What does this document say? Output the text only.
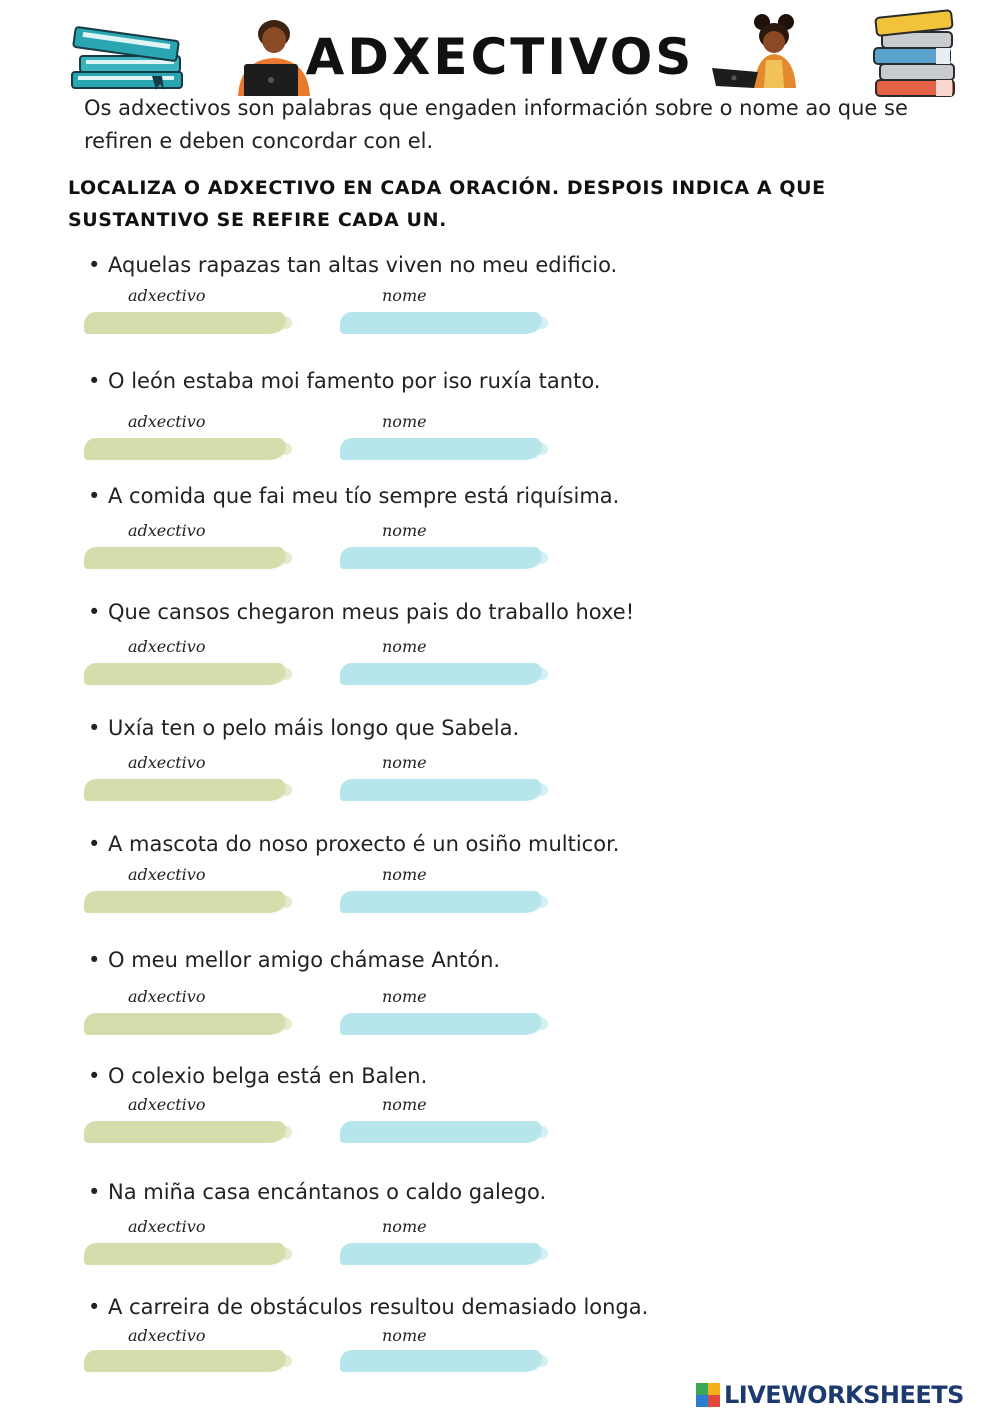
ADXECTIVOS
Os adxectivos son palabras que engaden información sobre o nome ao que se refiren e deben concordar con el.
LOCALIZA O ADXECTIVO EN CADA ORACIÓN. DESPOIS INDICA A QUE SUSTANTIVO SE REFIRE CADA UN.
• Aquelas rapazas tan altas viven no meu edificio.
adxectivo	nome
• O león estaba moi famento por iso ruxía tanto.
adxectivo	nome
• A comida que fai meu tío sempre está riquísima.
adxectivo	nome
• Que cansos chegaron meus pais do traballo hoxe!
adxectivo	nome
• Uxía ten o pelo máis longo que Sabela.
adxectivo	nome
• A mascota do noso proxecto é un osiño multicor.
adxectivo	nome
• O meu mellor amigo chámase Antón.
adxectivo	nome
• O colexio belga está en Balen.
adxectivo	nome
• Na miña casa encántanos o caldo galego.
adxectivo	nome
• A carreira de obstáculos resultou demasiado longa.
adxectivo	nome
LIVEWORKSHEETS
